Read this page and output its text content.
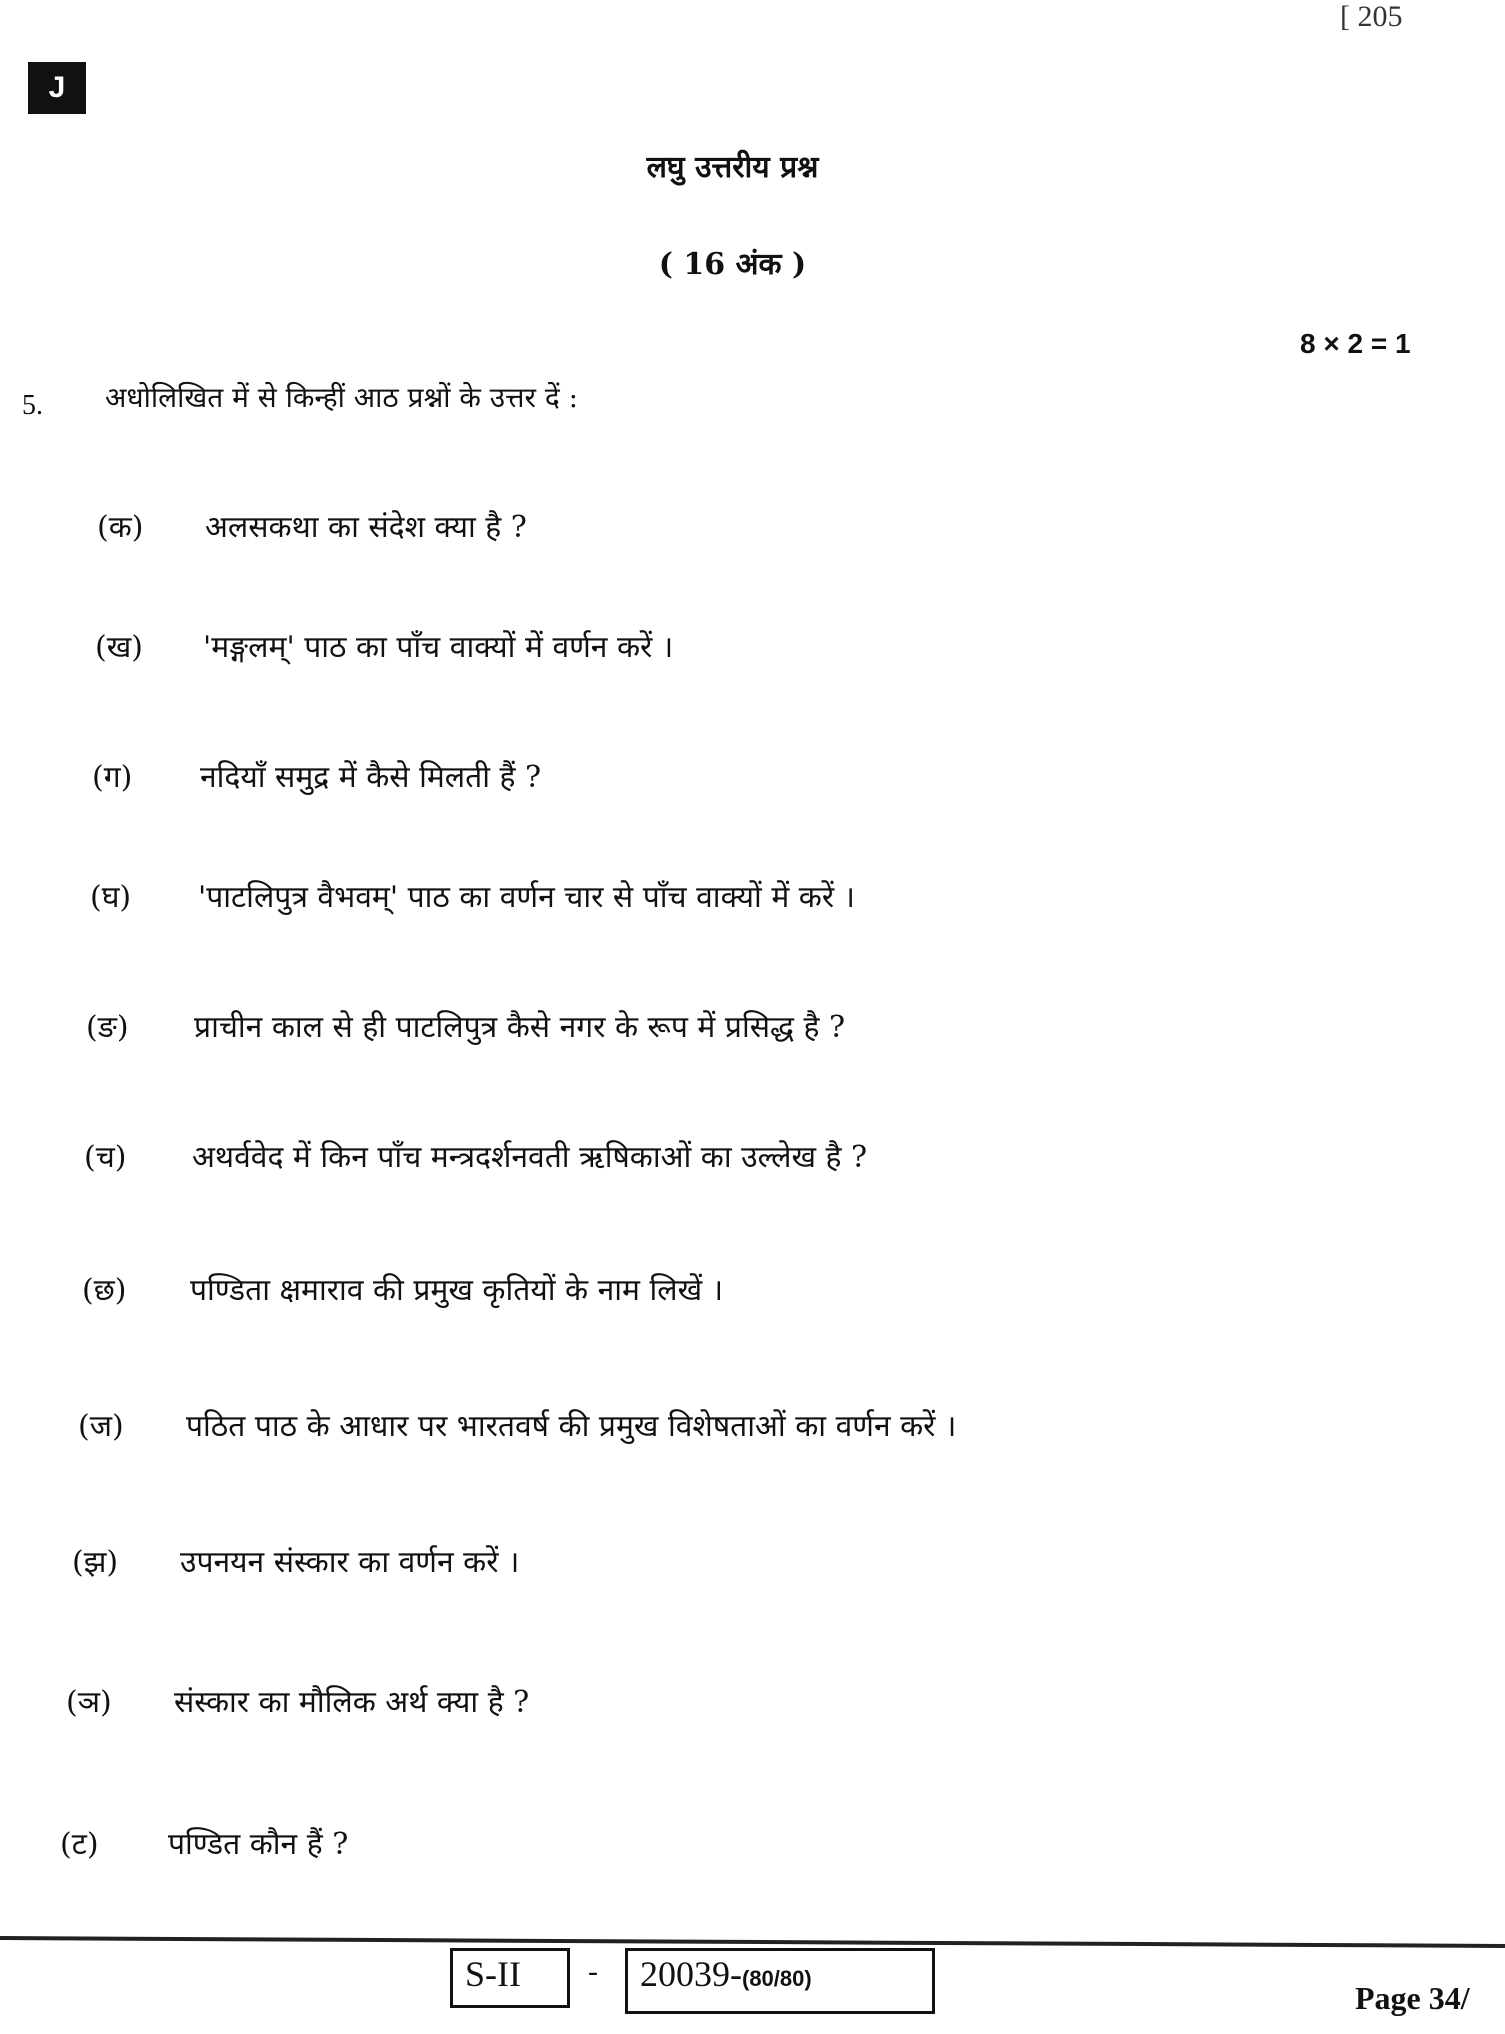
J
[ 205
लघु उत्तरीय प्रश्न
( 16 अंक )
8 × 2 = 1
5. अधोलिखित में से किन्हीं आठ प्रश्नों के उत्तर दें :
(क)	अलसकथा का संदेश क्या है ?
(ख)	'मङ्गलम्' पाठ का पाँच वाक्यों में वर्णन करें ।
(ग)	नदियाँ समुद्र में कैसे मिलती हैं ?
(घ)	'पाटलिपुत्र वैभवम्' पाठ का वर्णन चार से पाँच वाक्यों में करें ।
(ङ)	प्राचीन काल से ही पाटलिपुत्र कैसे नगर के रूप में प्रसिद्ध है ?
(च)	अथर्ववेद में किन पाँच मन्त्रदर्शनवती ऋषिकाओं का उल्लेख है ?
(छ)	पण्डिता क्षमाराव की प्रमुख कृतियों के नाम लिखें ।
(ज)	पठित पाठ के आधार पर भारतवर्ष की प्रमुख विशेषताओं का वर्णन करें ।
(झ)	उपनयन संस्कार का वर्णन करें ।
(ञ)	संस्कार का मौलिक अर्थ क्या है ?
(ट)	पण्डित कौन हैं ?
S-II	-	20039-(80/80)
Page 34/
